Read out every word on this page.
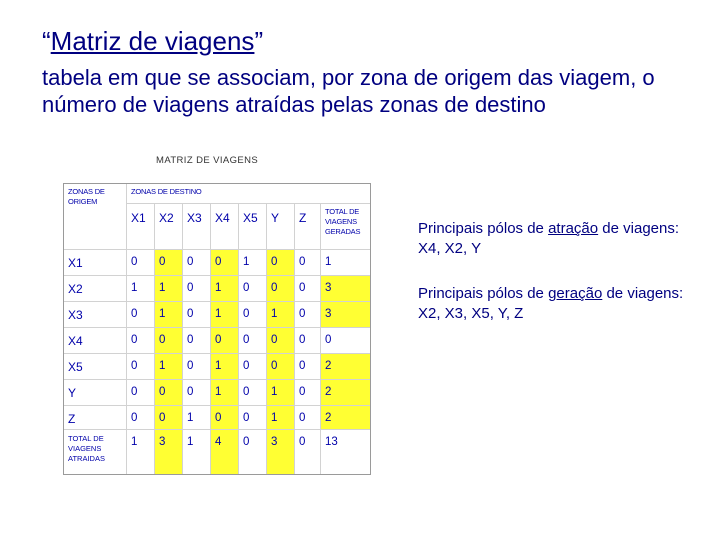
“Matriz de viagens”
tabela em que se associam, por zona de origem das viagem, o número de viagens atraídas pelas zonas de destino
MATRIZ DE VIAGENS
ZONAS DE
ORIGEM
ZONAS DE DESTINO
X1	X2	X3	X4	X5	Y	Z	TOTAL DE
VIAGENS
GERADAS
X1	0	0	0	0	1	0	0	1
X2	1	1	0	1	0	0	0	3
X3	0	1	0	1	0	1	0	3
X4	0	0	0	0	0	0	0	0
X5	0	1	0	1	0	0	0	2
Y	0	0	0	1	0	1	0	2
Z	0	0	1	0	0	1	0	2
TOTAL DE
VIAGENS
ATRAIDAS
1	3	1	4	0	3	0	13
Principais pólos de atração de viagens: X4, X2, Y
Principais pólos de geração de viagens: X2, X3, X5, Y, Z
